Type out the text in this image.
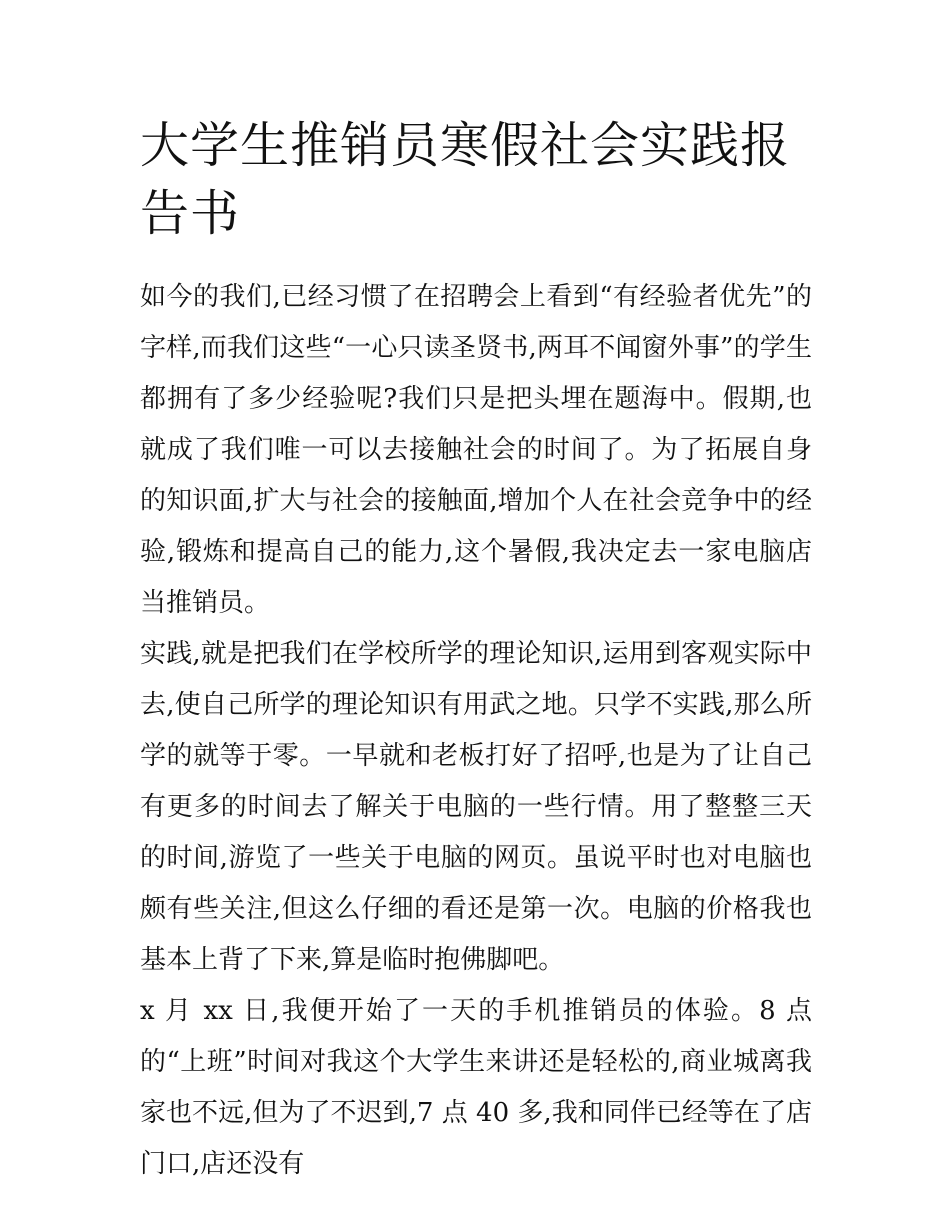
大学生推销员寒假社会实践报告书

如今的我们,已经习惯了在招聘会上看到“有经验者优先”的字样,而我们这些“一心只读圣贤书,两耳不闻窗外事”的学生都拥有了多少经验呢?我们只是把头埋在题海中。假期,也就成了我们唯一可以去接触社会的时间了。为了拓展自身的知识面,扩大与社会的接触面,增加个人在社会竞争中的经验,锻炼和提高自己的能力,这个暑假,我决定去一家电脑店当推销员。

实践,就是把我们在学校所学的理论知识,运用到客观实际中去,使自己所学的理论知识有用武之地。只学不实践,那么所学的就等于零。一早就和老板打好了招呼,也是为了让自己有更多的时间去了解关于电脑的一些行情。用了整整三天的时间,游览了一些关于电脑的网页。虽说平时也对电脑也颇有些关注,但这么仔细的看还是第一次。电脑的价格我也基本上背了下来,算是临时抱佛脚吧。

x 月 xx 日,我便开始了一天的手机推销员的体验。8 点的“上班”时间对我这个大学生来讲还是轻松的,商业城离我家也不远,但为了不迟到,7 点 40 多,我和同伴已经等在了店门口,店还没有
